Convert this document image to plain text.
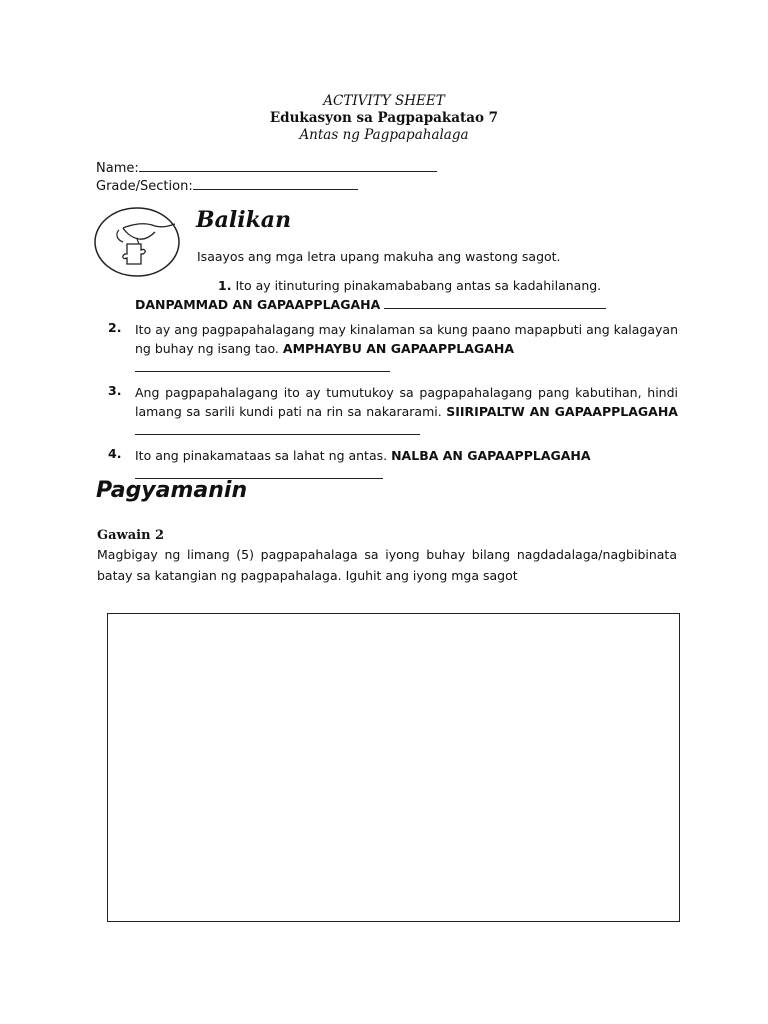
ACTIVITY SHEET
Edukasyon sa Pagpapakatao 7
Antas ng Pagpapahalaga
Name:
Grade/Section:
Balikan
Isaayos ang mga letra upang makuha ang wastong sagot.
1. Ito ay itinuturing pinakamababang antas sa kadahilanang.
DANPAMMAD AN GAPAAPPLAGAHA
2.	Ito ay ang pagpapahalagang may kinalaman sa kung paano mapapbuti ang kalagayan ng buhay ng isang tao. AMPHAYBU AN GAPAAPPLAGAHA

3.	Ang pagpapahalagang ito ay tumutukoy sa pagpapahalagang pang kabutihan, hindi lamang sa sarili kundi pati na rin sa nakararami. SIIRIPALTW AN GAPAAPPLAGAHA
4.	Ito ang pinakamataas sa lahat ng antas. NALBA AN GAPAAPPLAGAHA

Pagyamanin
Gawain 2
Magbigay ng limang (5) pagpapahalaga sa iyong buhay bilang nagdadalaga/nagbibinata batay sa katangian ng pagpapahalaga. Iguhit ang iyong mga sagot
